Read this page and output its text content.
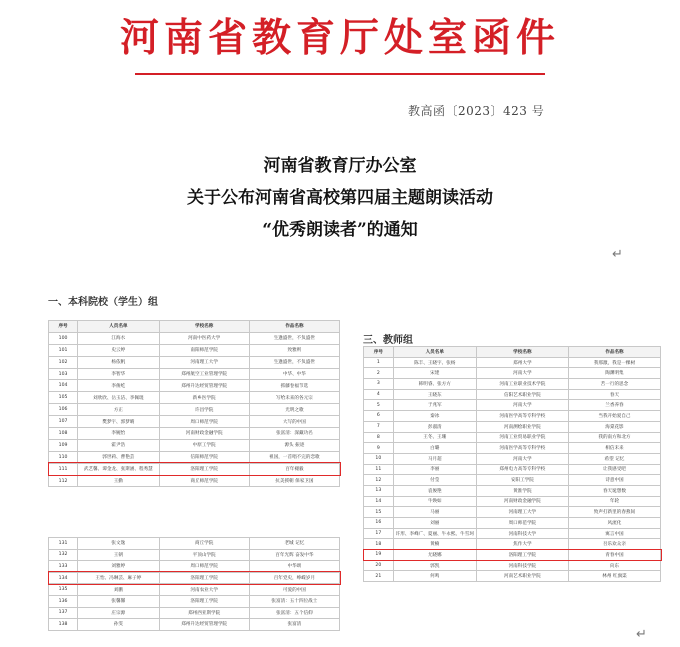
河南省教育厅处室函件
教高函〔2023〕423 号
河南省教育厅办公室
关于公布河南省高校第四届主题朗读活动
“优秀朗读者”的通知
↵
↵
一、本科院校（学生）组
三、教师组
序号	人员名单	学校名称	作品名称
100	江海水	河南中医药大学	生逢盛世，不负盛世
101	史云婷	南阳师范学院	致雅则
102	杨依帆	河南理工大学	生逢盛世，不负盛世
103	李智华	郑州航空工业管理学院	中华、中华
104	李俊屹	郑州升达经贸管理学院	抓藤卷福节选
105	刘欣欣、岳玉洁、李佩琨	新乡医学院	写给未来的各元宗
106	方正	许昌学院	光明之歌
107	樊梦宇、郭梦晴	周口师范学院	大写的中国
108	李婉怡	河南财政金融学院	张富清：深藏功名
109	霍尹浩	中原工学院	源头 振迹
110	郭世莉、曹艳芸	信阳师范学院	祖国，一首唱不完的恋歌
111	武艺馨、谭金龙、张斯涵、程秀慧	洛阳理工学院	百年褪毅
112	王勤	商丘师范学院	抗美援朝 保家卫国
131	张文逸	商丘学院	老城 记忆
132	王朝	平顶山学院	百年光辉 奋发中华
133	刘雅婷	周口师范学院	中华颂
134	王怡、冯琳芸、麻子婷	洛阳理工学院	百年党史，峥嵘岁月
135	刘鹏	河南农业大学	可爱的中国
136	张馨馨	洛阳理工学院	张富清：五十四位战士
137	庄宗源	郑州西亚斯学院	张富清：五个信仰
138	孙雯	郑州升达经贸管理学院	张富清
序号	人员名单	学校名称	作品名称
1	陈丰、王晓宇、张杨	郑州大学	我那激，我是一棵树
2	宋建	河南大学	陶渊明集
3	韩明睿、张方方	河南工业职业技术学院	苦一行的思念
4	王晓东	信阳艺术职业学院	春天
5	于兆军	河南大学	兰香养春
6	秦冰	河南医学高等专科学校	当我开始爱自己
7	彭淑清	河南测绘职业学院	海棠花影
8	王冬、王珊	河南工业贸易职业学院	我的南方和北方
9	白璐	河南医学高等专科学校	相信未来
10	马月超	河南大学	希望 记忆
11	李丽	郑州电力高等专科学校	让我感受吧
12	付莹	安阳工学院	诗意中国
13	袁俊艳	黄淮学院	春天诞想数
14	牛焕如	河南财政金融学院	年轮
15	马丽	河南理工大学	致声打新里的春燕间
16	刘丽	周口师范学院	风流化
17	许形、李峰广、夏丽、牛永熙、牛雪珂	河南科技大学	寓言中国
18	黄楠	焦作大学	吾乐欢众亲
19	尤晓娜	洛阳理工学院	青春中国
20	郭凯	河南科技学院	向东
21	何鸣	河南艺术职业学院	林州 红旗渠
